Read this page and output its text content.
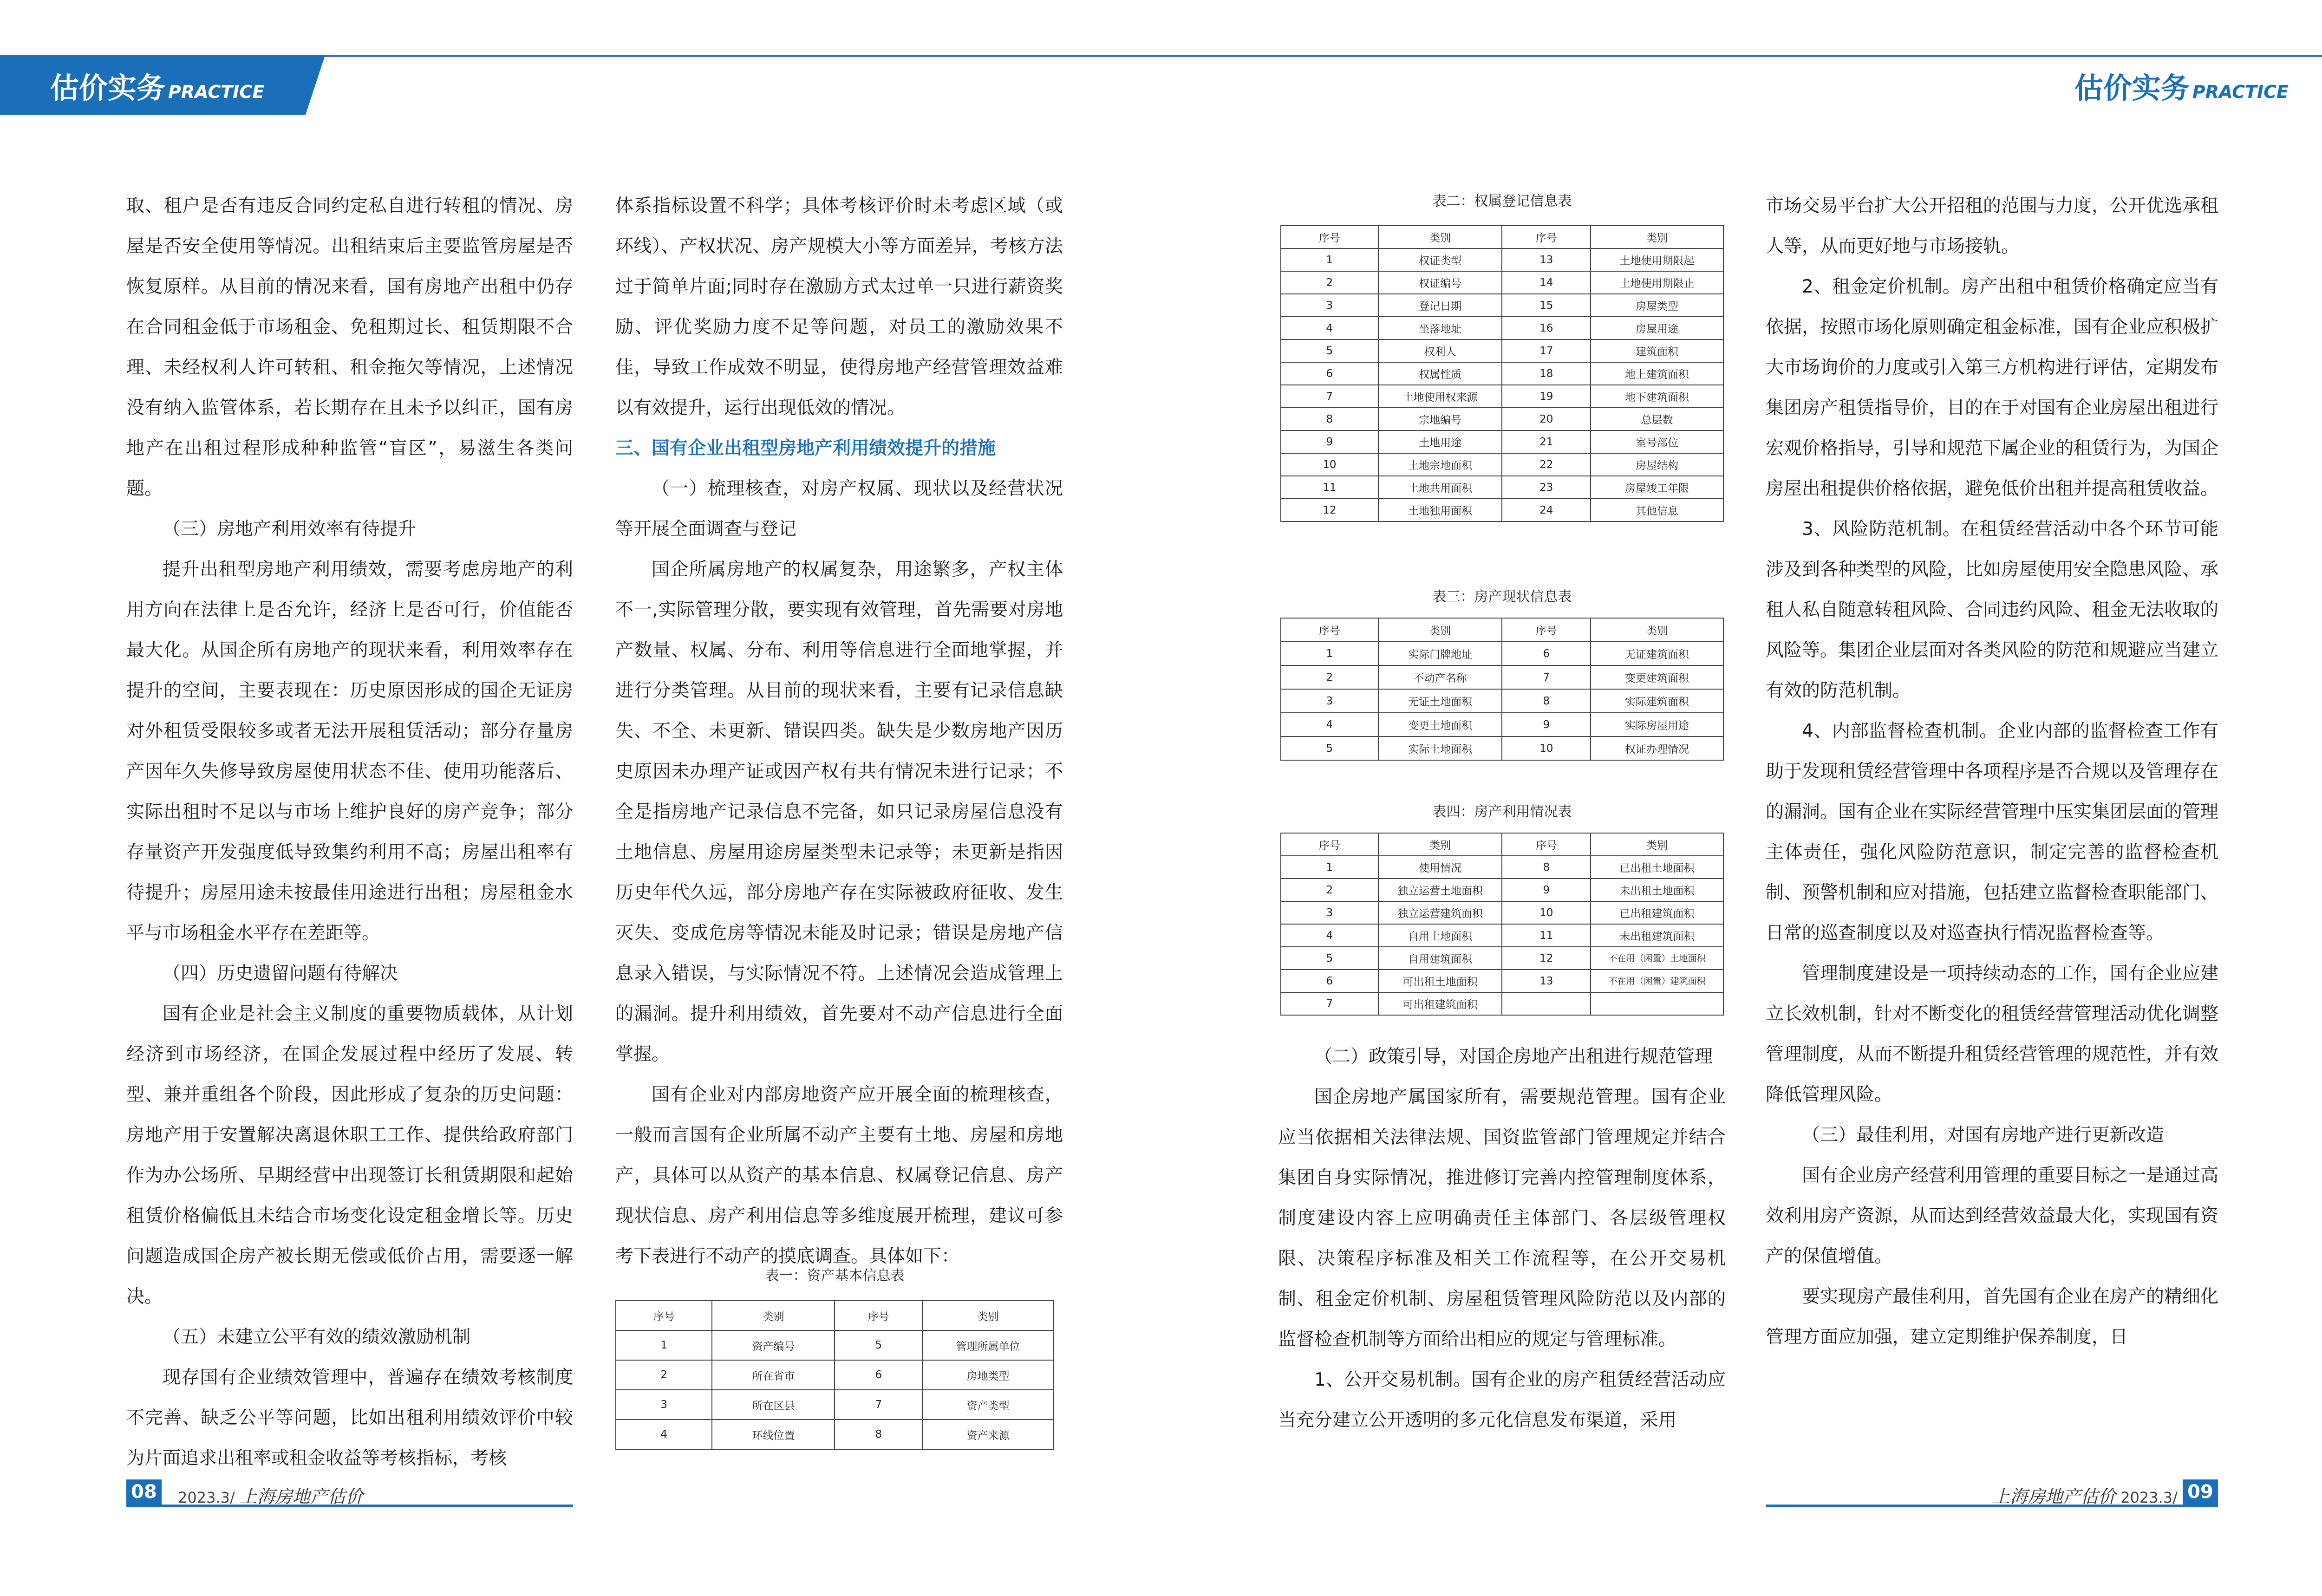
估价实务 PRACTICE	估价实务 PRACTICE

取、租户是否有违反合同约定私自进行转租的情况、房屋是否安全使用等情况。出租结束后主要监管房屋是否恢复原样。从目前的情况来看，国有房地产出租中仍存在合同租金低于市场租金、免租期过长、租赁期限不合理、未经权利人许可转租、租金拖欠等情况，上述情况没有纳入监管体系，若长期存在且未予以纠正，国有房地产在出租过程形成种种监管“盲区”，易滋生各类问题。

（三）房地产利用效率有待提升

提升出租型房地产利用绩效，需要考虑房地产的利用方向在法律上是否允许，经济上是否可行，价值能否最大化。从国企所有房地产的现状来看，利用效率存在提升的空间，主要表现在：历史原因形成的国企无证房对外租赁受限较多或者无法开展租赁活动；部分存量房产因年久失修导致房屋使用状态不佳、使用功能落后、实际出租时不足以与市场上维护良好的房产竞争；部分存量资产开发强度低导致集约利用不高；房屋出租率有待提升；房屋用途未按最佳用途进行出租；房屋租金水平与市场租金水平存在差距等。

（四）历史遗留问题有待解决

国有企业是社会主义制度的重要物质载体，从计划经济到市场经济，在国企发展过程中经历了发展、转型、兼并重组各个阶段，因此形成了复杂的历史问题：房地产用于安置解决离退休职工工作、提供给政府部门作为办公场所、早期经营中出现签订长租赁期限和起始租赁价格偏低且未结合市场变化设定租金增长等。历史问题造成国企房产被长期无偿或低价占用，需要逐一解决。

（五）未建立公平有效的绩效激励机制

现存国有企业绩效管理中，普遍存在绩效考核制度不完善、缺乏公平等问题，比如出租利用绩效评价中较为片面追求出租率或租金收益等考核指标，考核

体系指标设置不科学；具体考核评价时未考虑区域（或环线）、产权状况、房产规模大小等方面差异，考核方法过于简单片面;同时存在激励方式太过单一只进行薪资奖励、评优奖励力度不足等问题，对员工的激励效果不佳，导致工作成效不明显，使得房地产经营管理效益难以有效提升，运行出现低效的情况。

三、国有企业出租型房地产利用绩效提升的措施

（一）梳理核查，对房产权属、现状以及经营状况等开展全面调查与登记

国企所属房地产的权属复杂，用途繁多，产权主体不一,实际管理分散，要实现有效管理，首先需要对房地产数量、权属、分布、利用等信息进行全面地掌握，并进行分类管理。从目前的现状来看，主要有记录信息缺失、不全、未更新、错误四类。缺失是少数房地产因历史原因未办理产证或因产权有共有情况未进行记录；不全是指房地产记录信息不完备，如只记录房屋信息没有土地信息、房屋用途房屋类型未记录等；未更新是指因历史年代久远，部分房地产存在实际被政府征收、发生灭失、变成危房等情况未能及时记录；错误是房地产信息录入错误，与实际情况不符。上述情况会造成管理上的漏洞。提升利用绩效，首先要对不动产信息进行全面掌握。

国有企业对内部房地资产应开展全面的梳理核查，一般而言国有企业所属不动产主要有土地、房屋和房地产，具体可以从资产的基本信息、权属登记信息、房产现状信息、房产利用信息等多维度展开梳理，建议可参考下表进行不动产的摸底调查。具体如下：

（二）政策引导，对国企房地产出租进行规范管理

国企房地产属国家所有，需要规范管理。国有企业应当依据相关法律法规、国资监管部门管理规定并结合集团自身实际情况，推进修订完善内控管理制度体系，制度建设内容上应明确责任主体部门、各层级管理权限、决策程序标准及相关工作流程等，在公开交易机制、租金定价机制、房屋租赁管理风险防范以及内部的监督检查机制等方面给出相应的规定与管理标准。

1、公开交易机制。国有企业的房产租赁经营活动应当充分建立公开透明的多元化信息发布渠道，采用

市场交易平台扩大公开招租的范围与力度，公开优选承租人等，从而更好地与市场接轨。

2、租金定价机制。房产出租中租赁价格确定应当有依据，按照市场化原则确定租金标准，国有企业应积极扩大市场询价的力度或引入第三方机构进行评估，定期发布集团房产租赁指导价，目的在于对国有企业房屋出租进行宏观价格指导，引导和规范下属企业的租赁行为，为国企房屋出租提供价格依据，避免低价出租并提高租赁收益。

3、风险防范机制。在租赁经营活动中各个环节可能涉及到各种类型的风险，比如房屋使用安全隐患风险、承租人私自随意转租风险、合同违约风险、租金无法收取的风险等。集团企业层面对各类风险的防范和规避应当建立有效的防范机制。

4、内部监督检查机制。企业内部的监督检查工作有助于发现租赁经营管理中各项程序是否合规以及管理存在的漏洞。国有企业在实际经营管理中压实集团层面的管理主体责任，强化风险防范意识，制定完善的监督检查机制、预警机制和应对措施，包括建立监督检查职能部门、日常的巡查制度以及对巡查执行情况监督检查等。

管理制度建设是一项持续动态的工作，国有企业应建立长效机制，针对不断变化的租赁经营管理活动优化调整管理制度，从而不断提升租赁经营管理的规范性，并有效降低管理风险。

（三）最佳利用，对国有房地产进行更新改造

国有企业房产经营利用管理的重要目标之一是通过高效利用房产资源，从而达到经营效益最大化，实现国有资产的保值增值。

要实现房产最佳利用，首先国有企业在房产的精细化管理方面应加强，建立定期维护保养制度，日

表一：资产基本信息表
表二：权属登记信息表
表三：房产现状信息表
表四：房产利用情况表
序号	类别	序号	类别
1	资产编号	5	管理所属单位
2	所在省市	6	房地类型
3	所在区县	7	资产类型
4	环线位置	8	资产来源
序号	类别	序号	类别
1	权证类型	13	土地使用期限起
2	权证编号	14	土地使用期限止
3	登记日期	15	房屋类型
4	坐落地址	16	房屋用途
5	权利人	17	建筑面积
6	权属性质	18	地上建筑面积
7	土地使用权来源	19	地下建筑面积
8	宗地编号	20	总层数
9	土地用途	21	室号部位
10	土地宗地面积	22	房屋结构
11	土地共用面积	23	房屋竣工年限
12	土地独用面积	24	其他信息
序号	类别	序号	类别
1	实际门牌地址	6	无证建筑面积
2	不动产名称	7	变更建筑面积
3	无证土地面积	8	实际建筑面积
4	变更土地面积	9	实际房屋用途
5	实际土地面积	10	权证办理情况
序号	类别	序号	类别
1	使用情况	8	已出租土地面积
2	独立运营土地面积	9	未出租土地面积
3	独立运营建筑面积	10	已出租建筑面积
4	自用土地面积	11	未出租建筑面积
5	自用建筑面积	12	不在用（闲置）土地面积
6	可出租土地面积	13	不在用（闲置）建筑面积
7	可出租建筑面积		
08	2023.3/ 上海房地产估价	09
上海房地产估价 2023.3/
